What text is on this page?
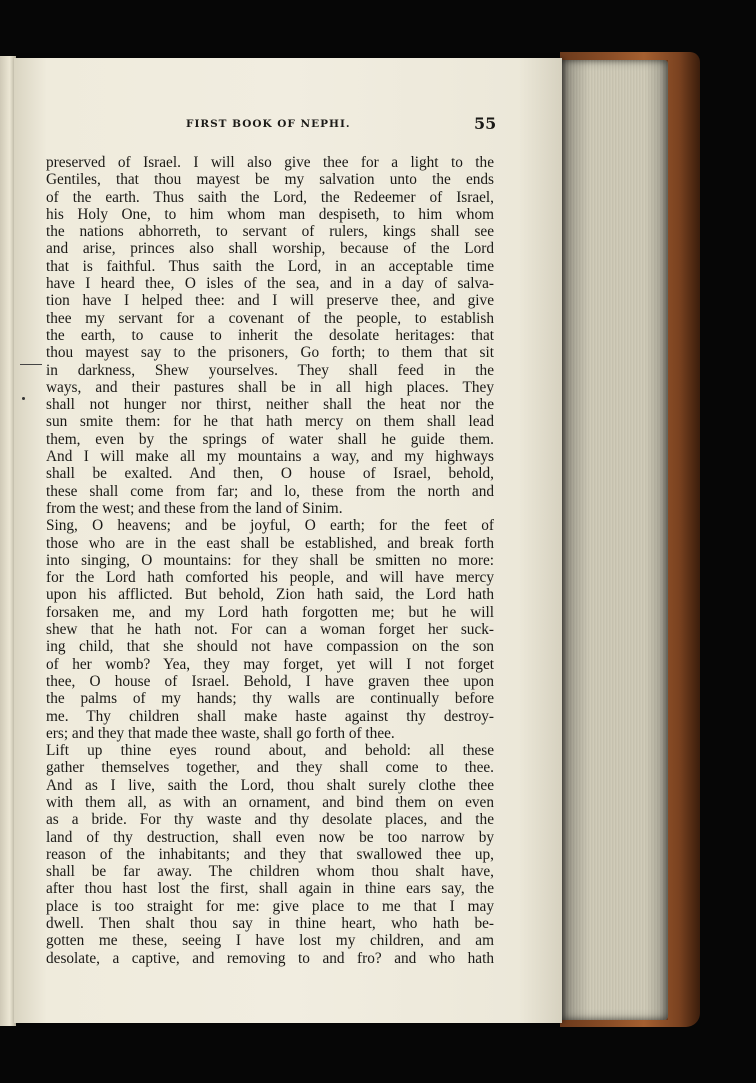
FIRST BOOK OF NEPHI.	55
preserved of Israel. I will also give thee for a light to the
Gentiles, that thou mayest be my salvation unto the ends
of the earth. Thus saith the Lord, the Redeemer of Israel,
his Holy One, to him whom man despiseth, to him whom
the nations abhorreth, to servant of rulers, kings shall see
and arise, princes also shall worship, because of the Lord
that is faithful. Thus saith the Lord, in an acceptable time
have I heard thee, O isles of the sea, and in a day of salva-
tion have I helped thee: and I will preserve thee, and give
thee my servant for a covenant of the people, to establish
the earth, to cause to inherit the desolate heritages: that
thou mayest say to the prisoners, Go forth; to them that sit
in darkness, Shew yourselves. They shall feed in the
ways, and their pastures shall be in all high places. They
shall not hunger nor thirst, neither shall the heat nor the
sun smite them: for he that hath mercy on them shall lead
them, even by the springs of water shall he guide them.
And I will make all my mountains a way, and my highways
shall be exalted. And then, O house of Israel, behold,
these shall come from far; and lo, these from the north and
from the west; and these from the land of Sinim.
Sing, O heavens; and be joyful, O earth; for the feet of
those who are in the east shall be established, and break forth
into singing, O mountains: for they shall be smitten no more:
for the Lord hath comforted his people, and will have mercy
upon his afflicted. But behold, Zion hath said, the Lord hath
forsaken me, and my Lord hath forgotten me; but he will
shew that he hath not. For can a woman forget her suck-
ing child, that she should not have compassion on the son
of her womb? Yea, they may forget, yet will I not forget
thee, O house of Israel. Behold, I have graven thee upon
the palms of my hands; thy walls are continually before
me. Thy children shall make haste against thy destroy-
ers; and they that made thee waste, shall go forth of thee.
Lift up thine eyes round about, and behold: all these
gather themselves together, and they shall come to thee.
And as I live, saith the Lord, thou shalt surely clothe thee
with them all, as with an ornament, and bind them on even
as a bride. For thy waste and thy desolate places, and the
land of thy destruction, shall even now be too narrow by
reason of the inhabitants; and they that swallowed thee up,
shall be far away. The children whom thou shalt have,
after thou hast lost the first, shall again in thine ears say, the
place is too straight for me: give place to me that I may
dwell. Then shalt thou say in thine heart, who hath be-
gotten me these, seeing I have lost my children, and am
desolate, a captive, and removing to and fro? and who hath
